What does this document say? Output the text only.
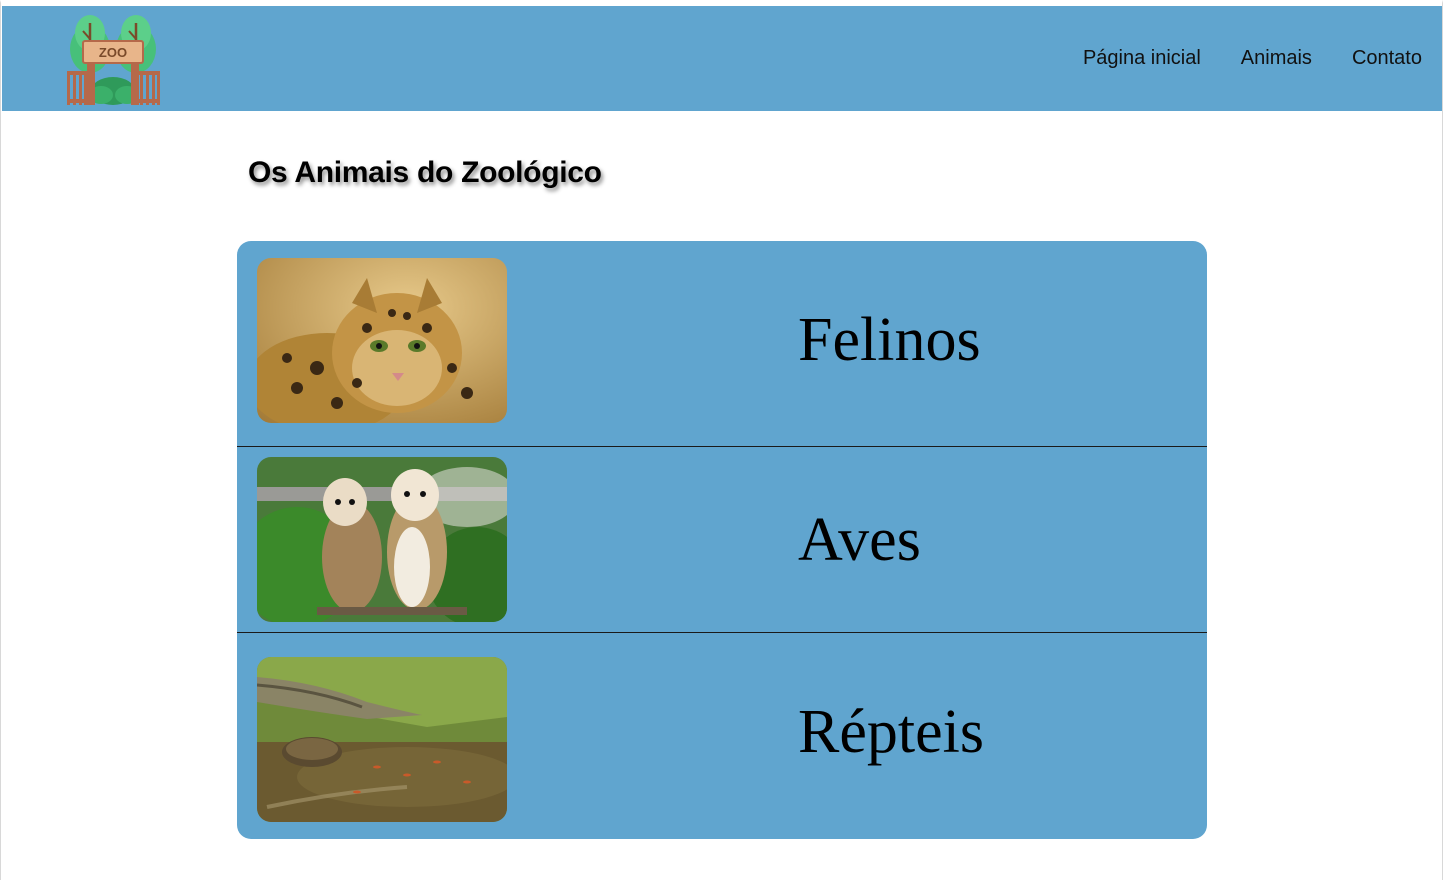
ZOO	Página inicial Animais Contato
Os Animais do Zoológico
Felinos
Aves
Répteis
